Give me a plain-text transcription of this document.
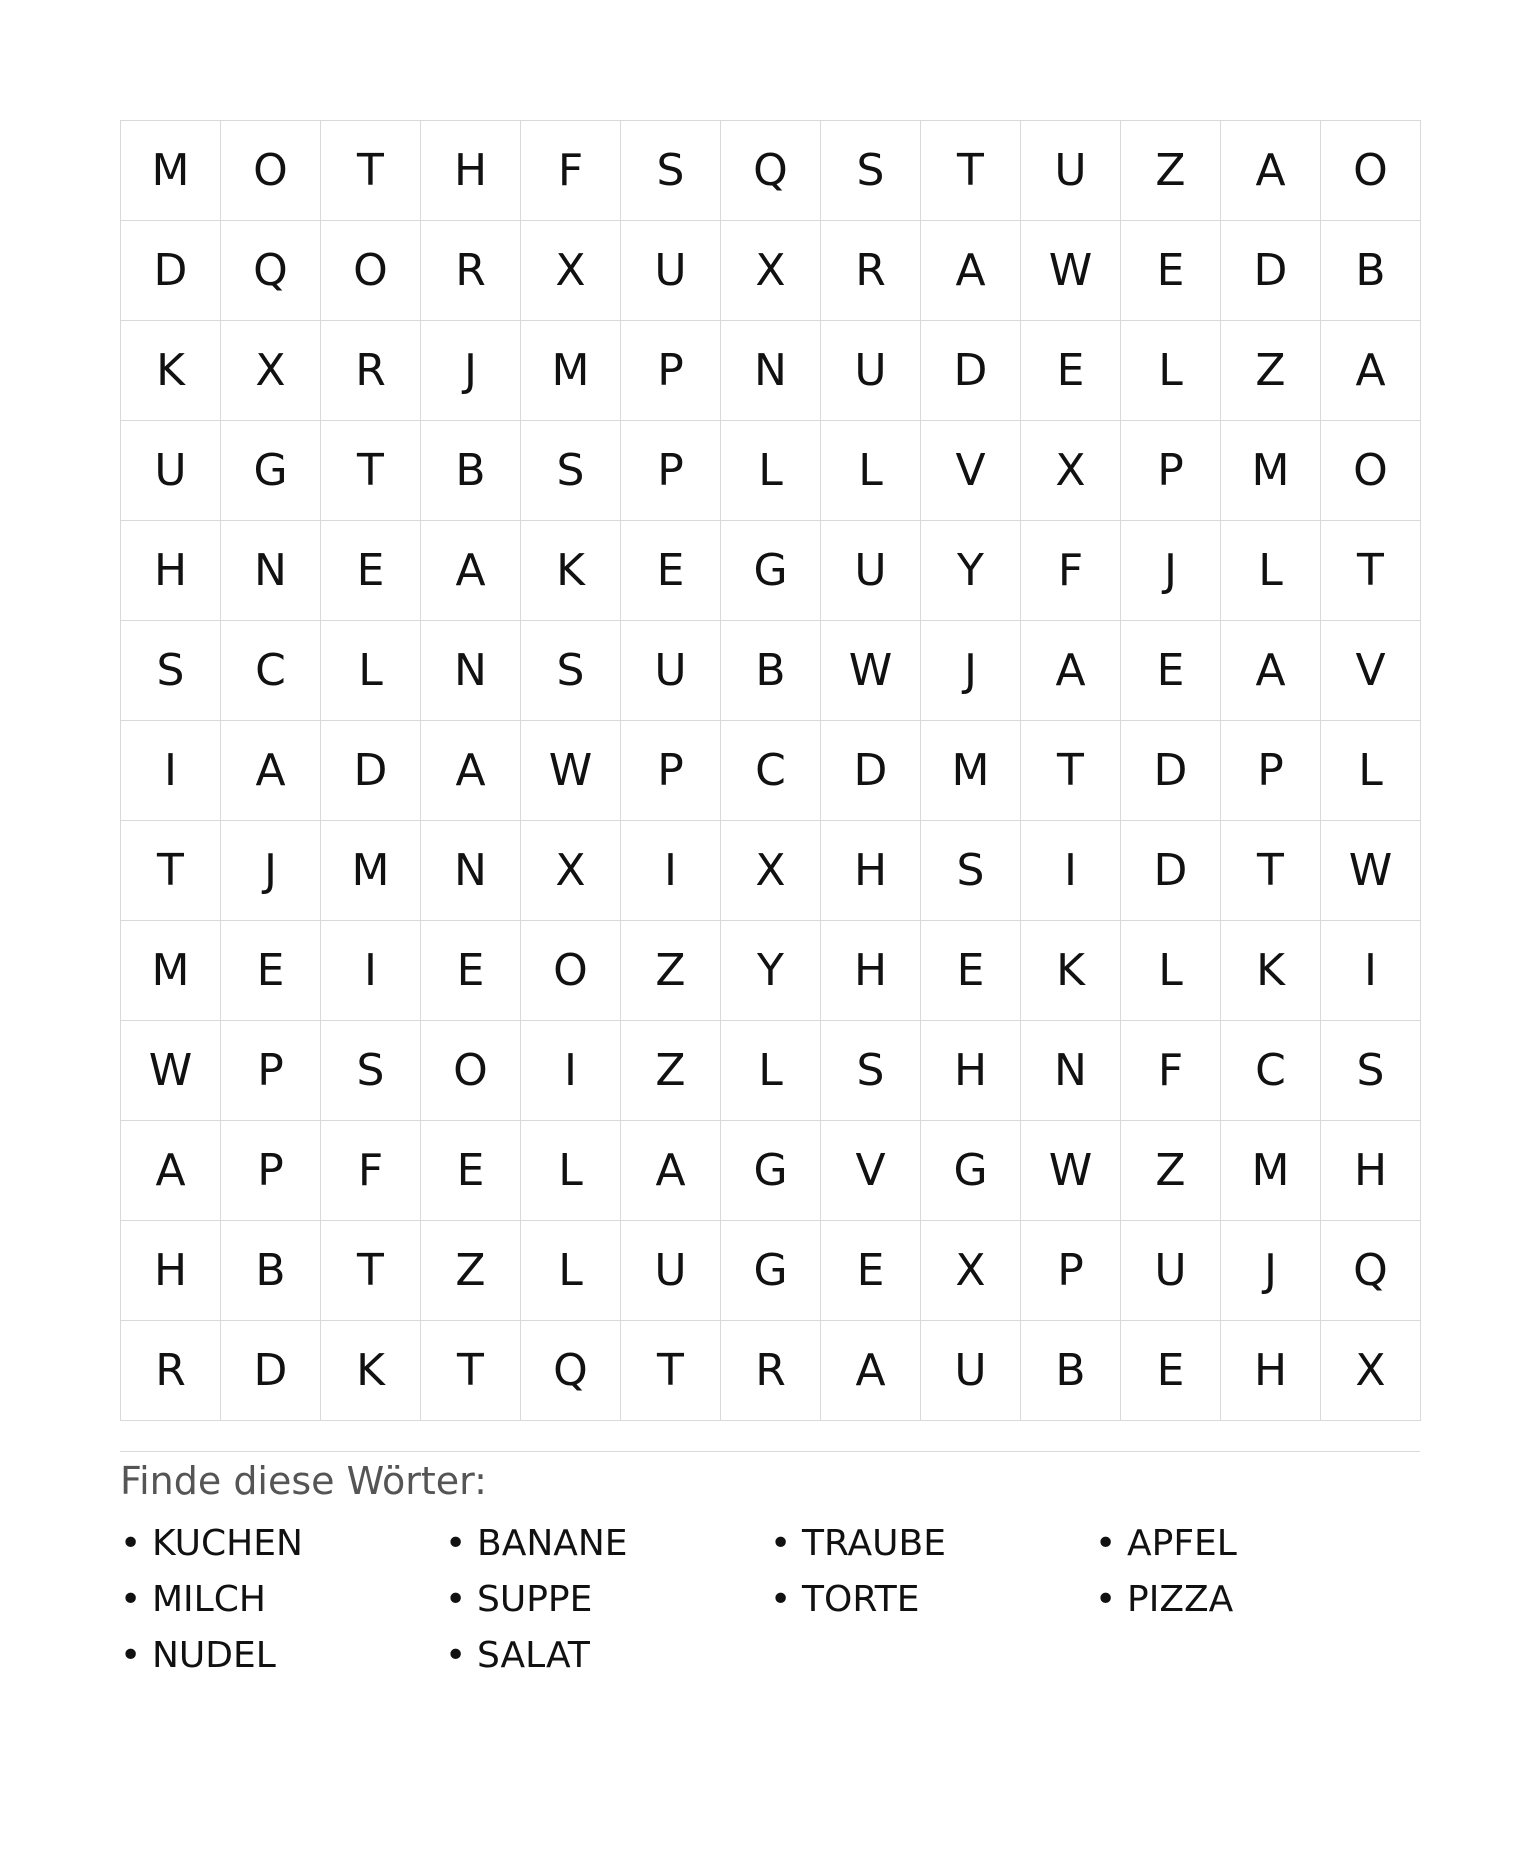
M	O	T	H	F	S	Q	S	T	U	Z	A	O
D	Q	O	R	X	U	X	R	A	W	E	D	B
K	X	R	J	M	P	N	U	D	E	L	Z	A
U	G	T	B	S	P	L	L	V	X	P	M	O
H	N	E	A	K	E	G	U	Y	F	J	L	T
S	C	L	N	S	U	B	W	J	A	E	A	V
I	A	D	A	W	P	C	D	M	T	D	P	L
T	J	M	N	X	I	X	H	S	I	D	T	W
M	E	I	E	O	Z	Y	H	E	K	L	K	I
W	P	S	O	I	Z	L	S	H	N	F	C	S
A	P	F	E	L	A	G	V	G	W	Z	M	H
H	B	T	Z	L	U	G	E	X	P	U	J	Q
R	D	K	T	Q	T	R	A	U	B	E	H	X
Finde diese Wörter:
• KUCHEN	• BANANE	• TRAUBE	• APFEL
• MILCH	• SUPPE	• TORTE	• PIZZA
• NUDEL	• SALAT
